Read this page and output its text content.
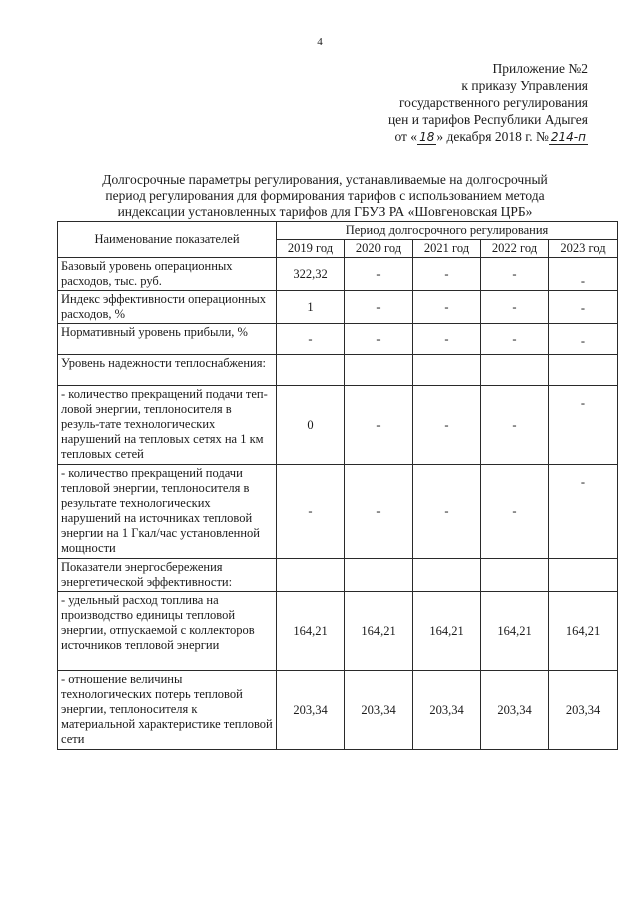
4
Приложение №2
к приказу Управления
государственного регулирования
цен и тарифов Республики Адыгея
от « 18 » декабря 2018 г. № 214-п
Долгосрочные параметры регулирования, устанавливаемые на долгосрочный
период регулирования для формирования тарифов с использованием метода
индексации установленных тарифов для ГБУЗ РА «Шовгеновская ЦРБ»
Наименование показателей	Период долгосрочного регулирования				
	2019 год	2020 год	2021 год	2022 год	2023 год
Базовый уровень операционных расходов, тыс. руб.	322,32	-	-	-	-
Индекс эффективности операционных расходов, %	1	-	-	-	-
Нормативный уровень прибыли, %	-	-	-	-	-
Уровень надежности теплоснабжения:					
- количество прекращений подачи теп-ловой энергии, теплоносителя в резуль-тате технологических нарушений на тепловых сетях на 1 км тепловых сетей	0	-	-	-	-
- количество прекращений подачи тепловой энергии, теплоносителя в результате технологических нарушений на источниках тепловой энергии на 1 Гкал/час установленной мощности	-	-	-	-	-
Показатели энергосбережения энергетической эффективности:					
- удельный расход топлива на производство единицы тепловой энергии, отпускаемой с коллекторов источников тепловой энергии	164,21	164,21	164,21	164,21	164,21
- отношение величины технологических потерь тепловой энергии, теплоносителя к материальной характеристике тепловой сети	203,34	203,34	203,34	203,34	203,34
